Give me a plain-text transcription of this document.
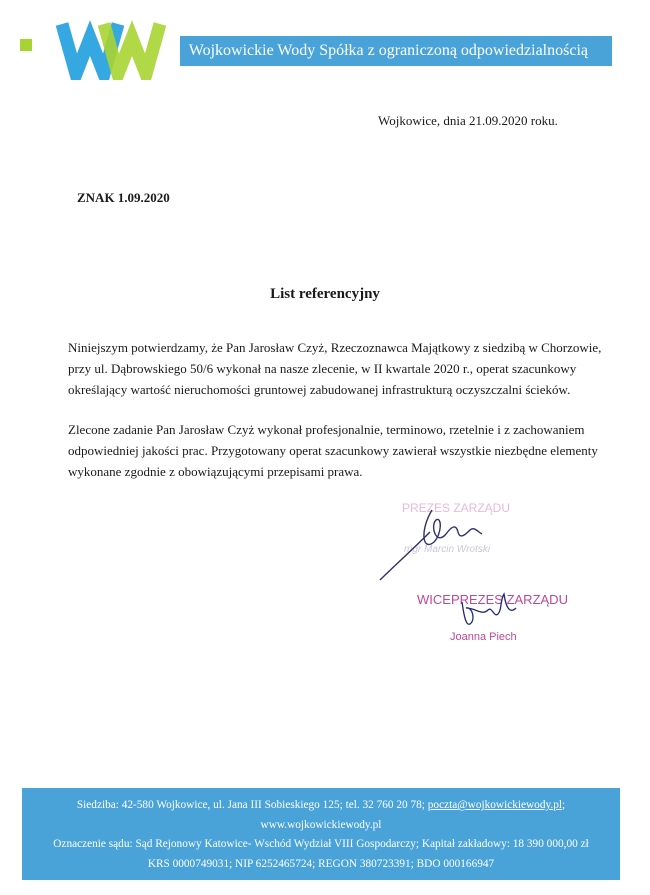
Wojkowickie Wody Spółka z ograniczoną odpowiedzialnością
Wojkowice, dnia 21.09.2020 roku.
ZNAK 1.09.2020
List referencyjny
Niniejszym potwierdzamy, że Pan Jarosław Czyż, Rzeczoznawca Majątkowy z siedzibą w Chorzowie,
przy ul. Dąbrowskiego 50/6 wykonał na nasze zlecenie, w II kwartale 2020 r., operat szacunkowy
określający wartość nieruchomości gruntowej zabudowanej infrastrukturą oczyszczalni ścieków.
Zlecone zadanie Pan Jarosław Czyż wykonał profesjonalnie, terminowo, rzetelnie i z zachowaniem
odpowiedniej jakości prac. Przygotowany operat szacunkowy zawierał wszystkie niezbędne elementy
wykonane zgodnie z obowiązującymi przepisami prawa.
PREZES ZARZĄDU
mgr Marcin Wrotski
WICEPREZES ZARZĄDU
Joanna Piech
Siedziba: 42-580 Wojkowice, ul. Jana III Sobieskiego 125; tel. 32 760 20 78; poczta@wojkowickiewody.pl;
www.wojkowickiewody.pl
Oznaczenie sądu: Sąd Rejonowy Katowice- Wschód Wydział VIII Gospodarczy; Kapitał zakładowy: 18 390 000,00 zł
KRS 0000749031; NIP 6252465724; REGON 380723391; BDO 000166947
